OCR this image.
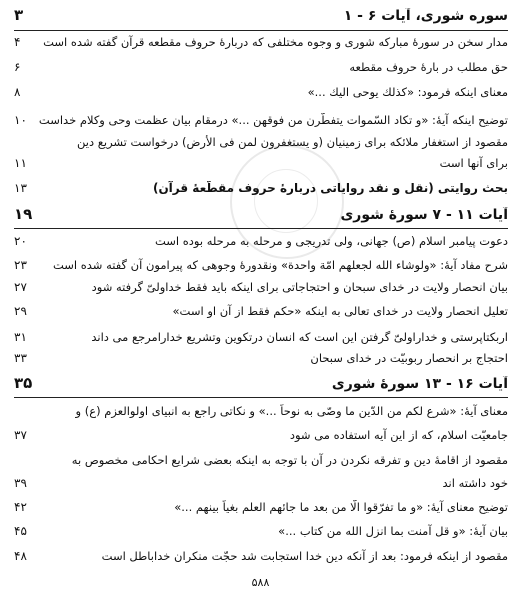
سوره شوری، آیات ۶ - ۱
۳
مدار سخن در سورهٔ مبارکه شوری و وجوه مختلفی که دربارهٔ حروف مقطعه قرآن گفته شده است
۴
حق مطلب در بارهٔ حروف مقطعه
۶
معنای اینکه فرمود: «كذلك يوحى اليك ...»
۸
توضیح اینکه آیهٔ: «و تكاد السّموات يتفطّرن من فوقهن ...» درمقام بيان عظمت وحى وكلام خداست
۱۰
مقصود از استغفار ملائکه برای زمینیان (و يستغفرون لمن فى الأرض) درخواست تشريع دين
برای آنها است
۱۱
بحث روایتی (نقل و نقد روایاتی دربارهٔ حروف مقطّعهٔ قرآن)
۱۳
آیات ۱۱ - ۷ سورهٔ شوری
۱۹
دعوت پیامبر اسلام (ص) جهانی، ولی تدریجی و مرحله به مرحله بوده است
۲۰
شرح مفاد آيهٔ: «ولوشاء الله لجعلهم امّة واحدة» ونقدورهٔ وجوهی که پیرامون آن گفته شده است
۲۳
بیان انحصار ولایت در خدای سبحان و احتجاجاتی برای اینکه باید فقط خداولیّ گرفته شود
۲۷
تعلیل انحصار ولایت در خدای تعالی به اینکه «حكم فقط از آن او است»
۲۹
اربکتاپرستی و خداراولیّ گرفتن این است که انسان درتکوین وتشریع خدارامرجع می داند
۳۱
احتجاج بر انحصار ربوبیّت در خدای سبحان
۳۳
آیات ۱۶ - ۱۳ سورهٔ شوری
۳۵
معنای آیهٔ: «شرع لكم من الدّين ما وصّى به نوحاً ...» و نكاتى راجع به انبیای اولوالعزم (ع) و
جامعیّت اسلام، که از این آیه استفاده می شود
۳۷
مقصود از اقامهٔ دین و تفرقه نکردن در آن با توجه به اینکه بعضی شرایع احکامی مخصوص به
خود داشته اند
۳۹
توضیح معنای آیهٔ: «و ما تفرّقوا الّا من بعد ما جائهم العلم بغياً بينهم ...»
۴۲
بیان آیهٔ: «و قل آمنت بما انزل الله من كتاب ...»
۴۵
مقصود از اینکه فرمود: بعد از آنکه دین خدا استجابت شد حجّت منکران خداباطل است
۴۸
۵۸۸
